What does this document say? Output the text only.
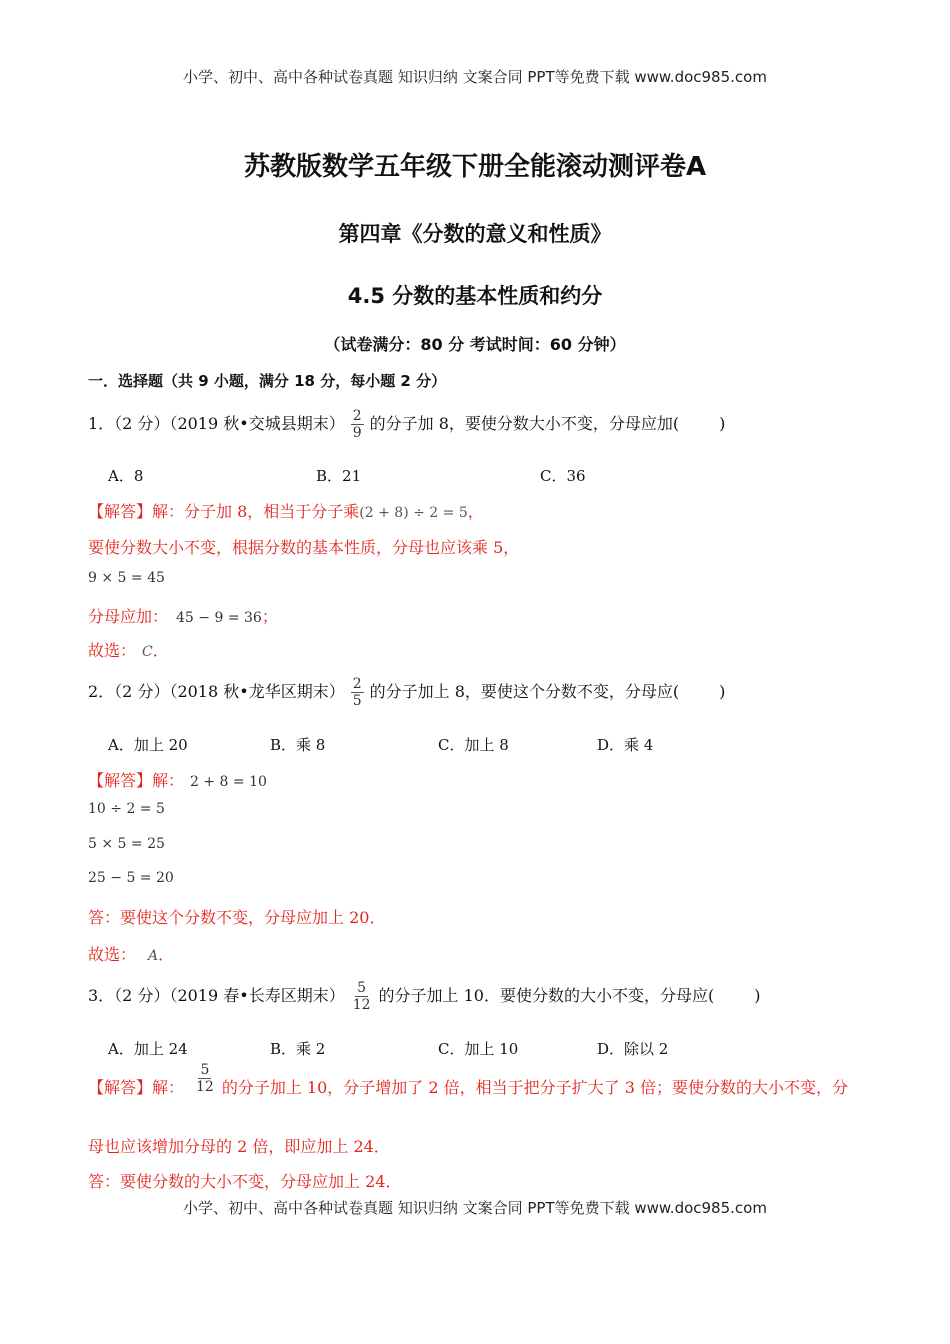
小学、初中、高中各种试卷真题 知识归纳 文案合同 PPT等免费下载 www.doc985.com
苏教版数学五年级下册全能滚动测评卷A
第四章《分数的意义和性质》
4.5 分数的基本性质和约分
（试卷满分：80 分 考试时间：60 分钟）
一．选择题（共 9 小题，满分 18 分，每小题 2 分）
1．（2 分）（2019 秋•交城县期末） $\frac{2}{9}$ 的分子加 8，要使分数大小不变，分母应加(	)
A．8	B．21	C．36
【解答】解：分子加 8，相当于分子乘(2 + 8) ÷ 2 = 5，
要使分数大小不变，根据分数的基本性质，分母也应该乘 5，
9 × 5 = 45
分母应加： 45 − 9 = 36；
故选： C．
2．（2 分）（2018 秋•龙华区期末） $\frac{2}{5}$ 的分子加上 8，要使这个分数不变，分母应(	)
A．加上 20	B．乘 8	C．加上 8	D．乘 4
【解答】解： 2 + 8 = 10
10 ÷ 2 = 5
5 × 5 = 25
25 − 5 = 20
答：要使这个分数不变，分母应加上 20．
故选： A．
3．（2 分）（2019 春•长寿区期末） $\frac{5}{12}$ 的分子加上 10．要使分数的大小不变，分母应(	)
A．加上 24	B．乘 2	C．加上 10	D．除以 2
【解答】解： $\frac{5}{12}$ 的分子加上 10，分子增加了 2 倍，相当于把分子扩大了 3 倍；要使分数的大小不变，分
母也应该增加分母的 2 倍，即应加上 24．
答：要使分数的大小不变，分母应加上 24．
小学、初中、高中各种试卷真题 知识归纳 文案合同 PPT等免费下载 www.doc985.com
